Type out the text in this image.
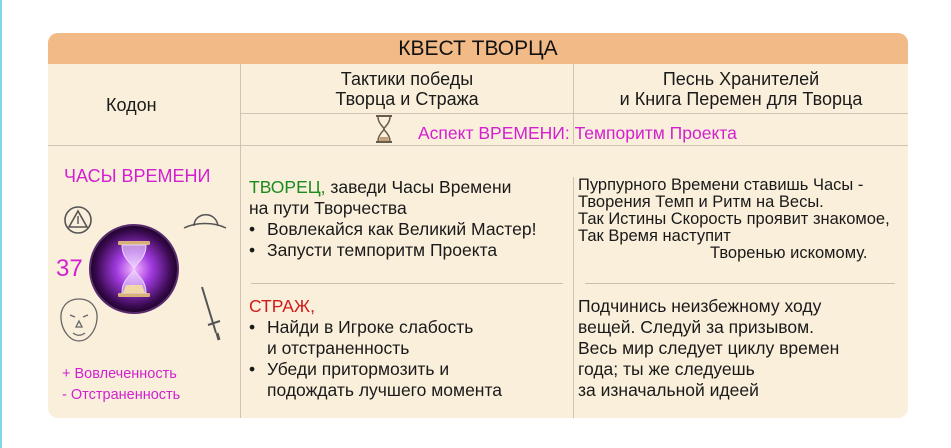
КВЕСТ ТВОРЦА
Кодон
Тактики победы
Творца и Стража
Песнь Хранителей
и Книга Перемен для Творца
Аспект ВРЕМЕНИ: Темпоритм Проекта
ЧАСЫ ВРЕМЕНИ
37
+ Вовлеченность
- Отстраненность
ТВОРЕЦ, заведи Часы Времени
на пути Творчества
• Вовлекайся как Великий Мастер!
• Запусти темпоритм Проекта
СТРАЖ,
• Найди в Игроке слабость
и отстраненность
• Убеди притормозить и
подождать лучшего момента
Пурпурного Времени ставишь Часы -
Творения Темп и Ритм на Весы.
Так Истины Скорость проявит знакомое,
Так Время наступит
Творенью искомому.
Подчинись неизбежному ходу
вещей. Следуй за призывом.
Весь мир следует циклу времен
года; ты же следуешь
за изначальной идеей
